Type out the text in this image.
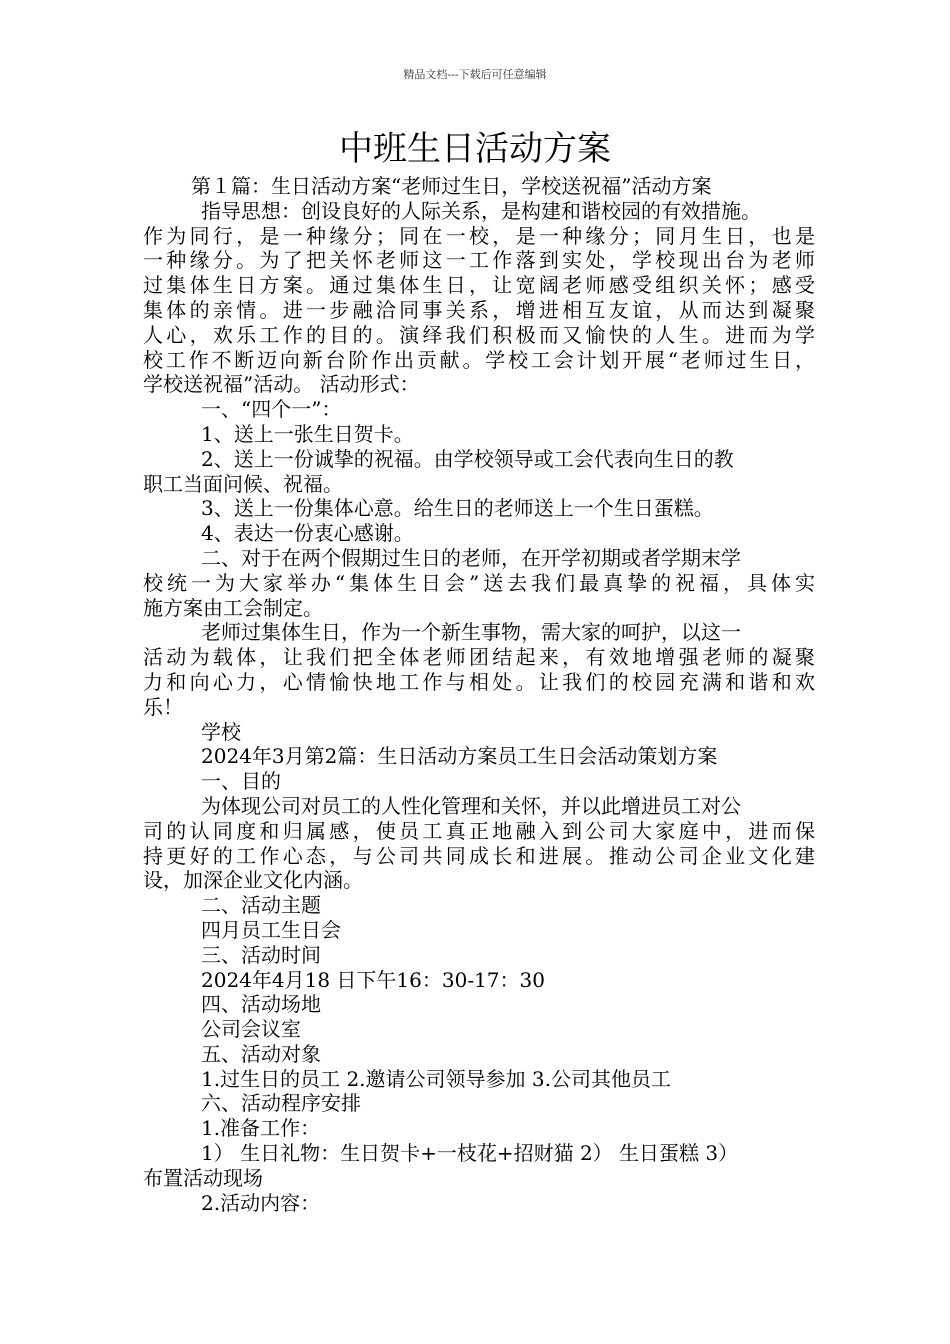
精品文档---下载后可任意编辑
中班生日活动方案
第１篇：生日活动方案“老师过生日，学校送祝福”活动方案
指导思想：创设良好的人际关系，是构建和谐校园的有效措施。
作为同行，是一种缘分；同在一校，是一种缘分；同月生日，也是
一种缘分。为了把关怀老师这一工作落到实处，学校现出台为老师
过集体生日方案。通过集体生日，让宽阔老师感受组织关怀；感受
集体的亲情。进一步融洽同事关系，增进相互友谊，从而达到凝聚
人心，欢乐工作的目的。演绎我们积极而又愉快的人生。进而为学
校工作不断迈向新台阶作出贡献。学校工会计划开展“老师过生日，
学校送祝福”活动。 活动形式：
一、“四个一”：
1、送上一张生日贺卡。
2、送上一份诚挚的祝福。由学校领导或工会代表向生日的教
职工当面问候、祝福。
3、送上一份集体心意。给生日的老师送上一个生日蛋糕。
4、表达一份衷心感谢。
二、对于在两个假期过生日的老师，在开学初期或者学期末学
校统一为大家举办“集体生日会”送去我们最真挚的祝福，具体实
施方案由工会制定。
老师过集体生日，作为一个新生事物，需大家的呵护，以这一
活动为载体，让我们把全体老师团结起来，有效地增强老师的凝聚
力和向心力，心情愉快地工作与相处。让我们的校园充满和谐和欢
乐！
学校
2024年3月第2篇：生日活动方案员工生日会活动策划方案
一、目的
为体现公司对员工的人性化管理和关怀，并以此增进员工对公
司的认同度和归属感，使员工真正地融入到公司大家庭中，进而保
持更好的工作心态，与公司共同成长和进展。推动公司企业文化建
设，加深企业文化内涵。
二、活动主题
四月员工生日会
三、活动时间
2024年4月18 日下午16：30-17：30
四、活动场地
公司会议室
五、活动对象
1.过生日的员工 2.邀请公司领导参加 3.公司其他员工
六、活动程序安排
1.准备工作：
1） 生日礼物：生日贺卡+一枝花+招财猫 2） 生日蛋糕 3）
布置活动现场
2.活动内容：
